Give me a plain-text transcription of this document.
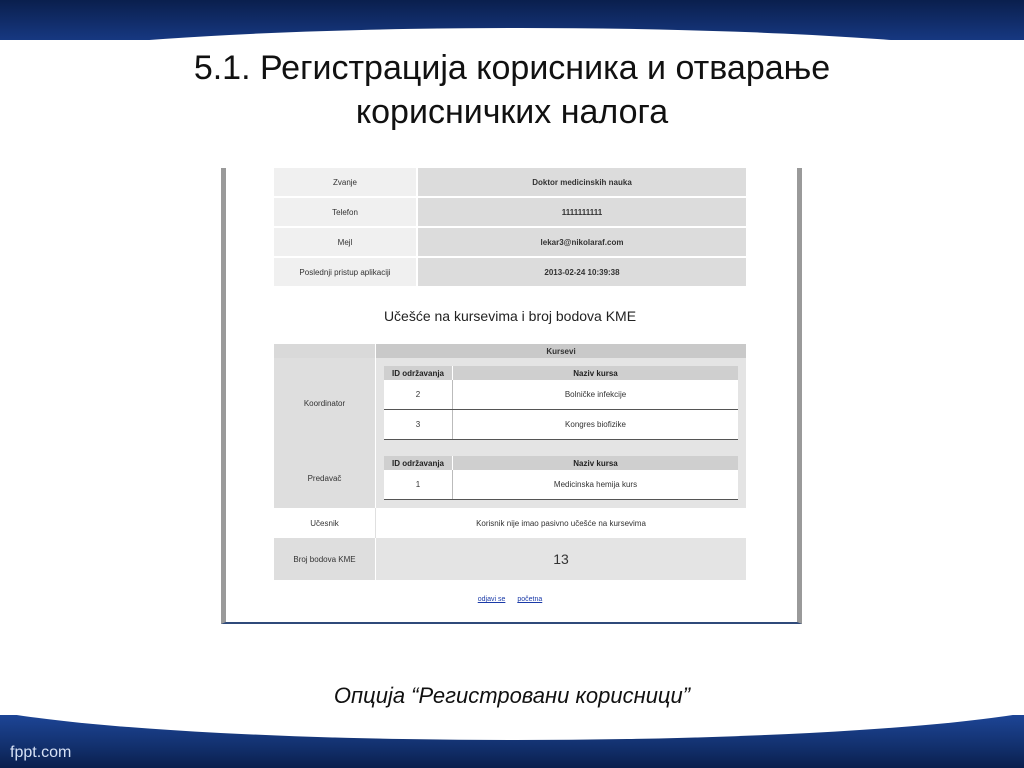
fppt.com
5.1. Регистрација корисника и отварање
корисничких налога
Zvanje	Doktor medicinskih nauka
Telefon	1111111111
Mejl	lekar3@nikolaraf.com
Poslednji pristup aplikaciji	2013-02-24 10:39:38
Učešće na kursevima i broj bodova KME
	Kursevi
Koordinator	
ID održavanja	Naziv kursa
2	Bolničke infekcije
3	Kongres biofizike

Predavač	
ID održavanja	Naziv kursa
1	Medicinska hemija kurs

Učesnik	Korisnik nije imao pasivno učešće na kursevima
Broj bodova KME	13
odjavi se početna
Опција “Регистровани корисници”
